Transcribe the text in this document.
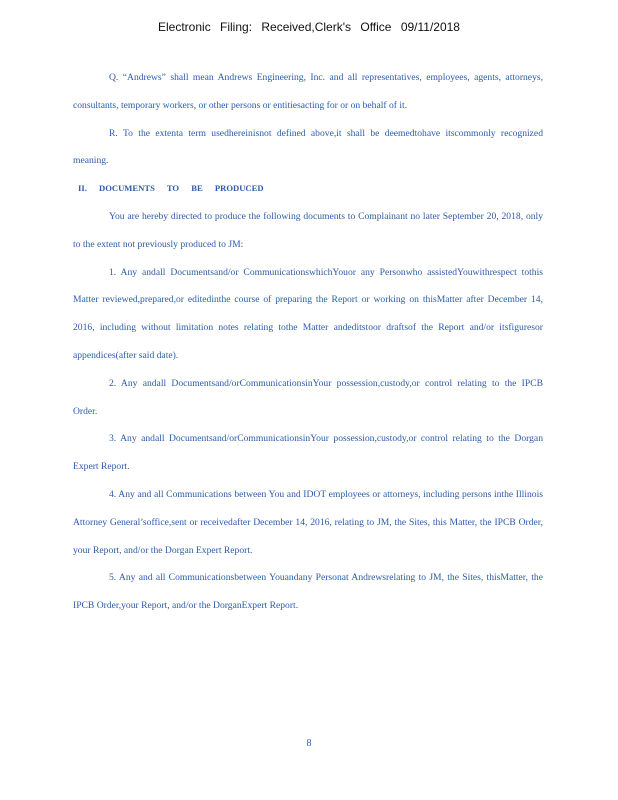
Electronic Filing: Received,Clerk's Office 09/11/2018

Q. “Andrews” shall mean Andrews Engineering, Inc. and all representatives, employees, agents, attorneys, consultants, temporary workers, or other persons or entitiesacting for or on behalf of it.

R. To the extenta term usedhereinisnot defined above,it shall be deemedtohave itscommonly recognized meaning.

II. DOCUMENTS TO BE PRODUCED

You are hereby directed to produce the following documents to Complainant no later September 20, 2018, only to the extent not previously produced to JM:

1. Any andall Documentsand/or CommunicationswhichYouor any Personwho assistedYouwithrespect tothis Matter reviewed,prepared,or editedinthe course of preparing the Report or working on thisMatter after December 14, 2016, including without limitation notes relating tothe Matter andeditstoor draftsof the Report and/or itsfiguresor appendices(after said date).

2. Any andall Documentsand/orCommunicationsinYour possession,custody,or control relating to the IPCB Order.

3. Any andall Documentsand/orCommunicationsinYour possession,custody,or control relating to the Dorgan Expert Report.

4. Any and all Communications between You and IDOT employees or attorneys, including persons inthe Illinois Attorney General’soffice,sent or receivedafter December 14, 2016, relating to JM, the Sites, this Matter, the IPCB Order, your Report, and/or the Dorgan Expert Report.

5. Any and all Communicationsbetween Youandany Personat Andrewsrelating to JM, the Sites, thisMatter, the IPCB Order,your Report, and/or the DorganExpert Report.

8
